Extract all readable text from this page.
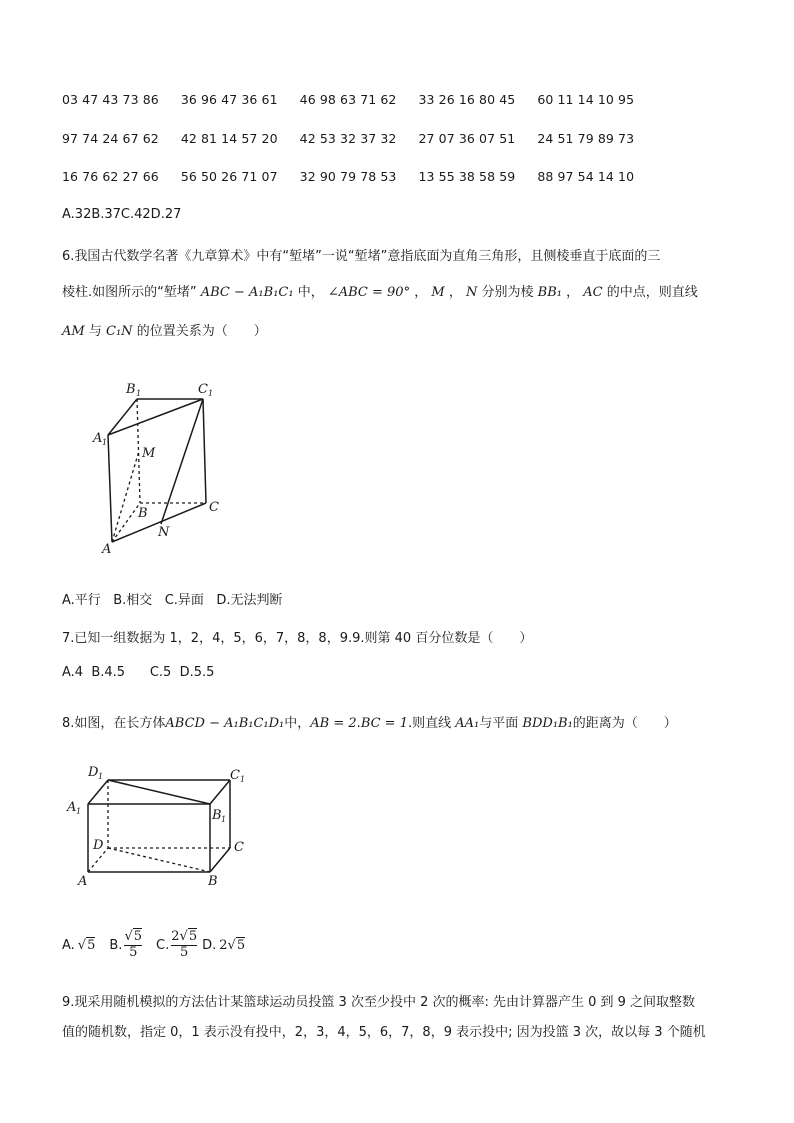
03 47 43 73 86 36 96 47 36 61 46 98 63 71 62 33 26 16 80 45 60 11 14 10 95
97 74 24 67 62 42 81 14 57 20 42 53 32 37 32 27 07 36 07 51 24 51 79 89 73
16 76 62 27 66 56 50 26 71 07 32 90 79 78 53 13 55 38 58 59 88 97 54 14 10
A.32B.37C.42D.27
6.我国古代数学名著《九章算术》中有“堑堵”一说“堑堵”意指底面为直角三角形，且侧棱垂直于底面的三
棱柱.如图所示的“堑堵” ABC − A₁B₁C₁ 中， ∠ABC = 90° ， M ， N 分别为棱 BB₁ ， AC 的中点，则直线
AM 与 C₁N 的位置关系为（　　）
B 1	C 1
A 1
M
B	C
N
A
A.平行 B.相交 C.异面 D.无法判断
7.已知一组数据为 1，2，4，5，6，7，8，8，9.9.则第 40 百分位数是（　　）
A.4  B.4.5      C.5  D.5.5
8.如图，在长方体ABCD − A₁B₁C₁D₁中，AB = 2.BC = 1.则直线 AA₁与平面 BDD₁B₁的距离为（　　）
D 1	C 1
A 1	B 1
D	C
A	B
A. √5 B. $\frac{√5}{5} C$. $\frac{2√5}{5} D$. 2√5
9.现采用随机模拟的方法估计某篮球运动员投篮 3 次至少投中 2 次的概率: 先由计算器产生 0 到 9 之间取整数
值的随机数，指定 0，1 表示没有投中，2，3，4，5，6，7，8，9 表示投中; 因为投篮 3 次，故以每 3 个随机
